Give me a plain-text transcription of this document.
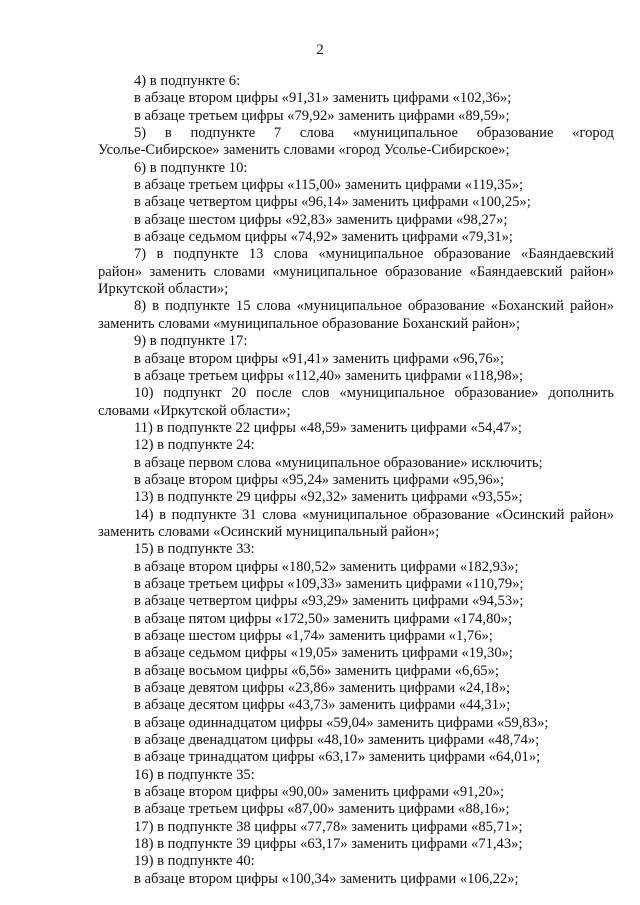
2
4) в подпункте 6:
в абзаце втором цифры «91,31» заменить цифрами «102,36»;
в абзаце третьем цифры «79,92» заменить цифрами «89,59»;
5) в подпункте 7 слова «муниципальное образование «город
Усолье-Сибирское» заменить словами «город Усолье-Сибирское»;
6) в подпункте 10:
в абзаце третьем цифры «115,00» заменить цифрами «119,35»;
в абзаце четвертом цифры «96,14» заменить цифрами «100,25»;
в абзаце шестом цифры «92,83» заменить цифрами «98,27»;
в абзаце седьмом цифры «74,92» заменить цифрами «79,31»;
7) в подпункте 13 слова «муниципальное образование «Баяндаевский
район» заменить словами «муниципальное образование «Баяндаевский район»
Иркутской области»;
8) в подпункте 15 слова «муниципальное образование «Боханский район»
заменить словами «муниципальное образование Боханский район»;
9) в подпункте 17:
в абзаце втором цифры «91,41» заменить цифрами «96,76»;
в абзаце третьем цифры «112,40» заменить цифрами «118,98»;
10) подпункт 20 после слов «муниципальное образование» дополнить
словами «Иркутской области»;
11) в подпункте 22 цифры «48,59» заменить цифрами «54,47»;
12) в подпункте 24:
в абзаце первом слова «муниципальное образование» исключить;
в абзаце втором цифры «95,24» заменить цифрами «95,96»;
13) в подпункте 29 цифры «92,32» заменить цифрами «93,55»;
14) в подпункте 31 слова «муниципальное образование «Осинский район»
заменить словами «Осинский муниципальный район»;
15) в подпункте 33:
в абзаце втором цифры «180,52» заменить цифрами «182,93»;
в абзаце третьем цифры «109,33» заменить цифрами «110,79»;
в абзаце четвертом цифры «93,29» заменить цифрами «94,53»;
в абзаце пятом цифры «172,50» заменить цифрами «174,80»;
в абзаце шестом цифры «1,74» заменить цифрами «1,76»;
в абзаце седьмом цифры «19,05» заменить цифрами «19,30»;
в абзаце восьмом цифры «6,56» заменить цифрами «6,65»;
в абзаце девятом цифры «23,86» заменить цифрами «24,18»;
в абзаце десятом цифры «43,73» заменить цифрами «44,31»;
в абзаце одиннадцатом цифры «59,04» заменить цифрами «59,83»;
в абзаце двенадцатом цифры «48,10» заменить цифрами «48,74»;
в абзаце тринадцатом цифры «63,17» заменить цифрами «64,01»;
16) в подпункте 35:
в абзаце втором цифры «90,00» заменить цифрами «91,20»;
в абзаце третьем цифры «87,00» заменить цифрами «88,16»;
17) в подпункте 38 цифры «77,78» заменить цифрами «85,71»;
18) в подпункте 39 цифры «63,17» заменить цифрами «71,43»;
19) в подпункте 40:
в абзаце втором цифры «100,34» заменить цифрами «106,22»;
